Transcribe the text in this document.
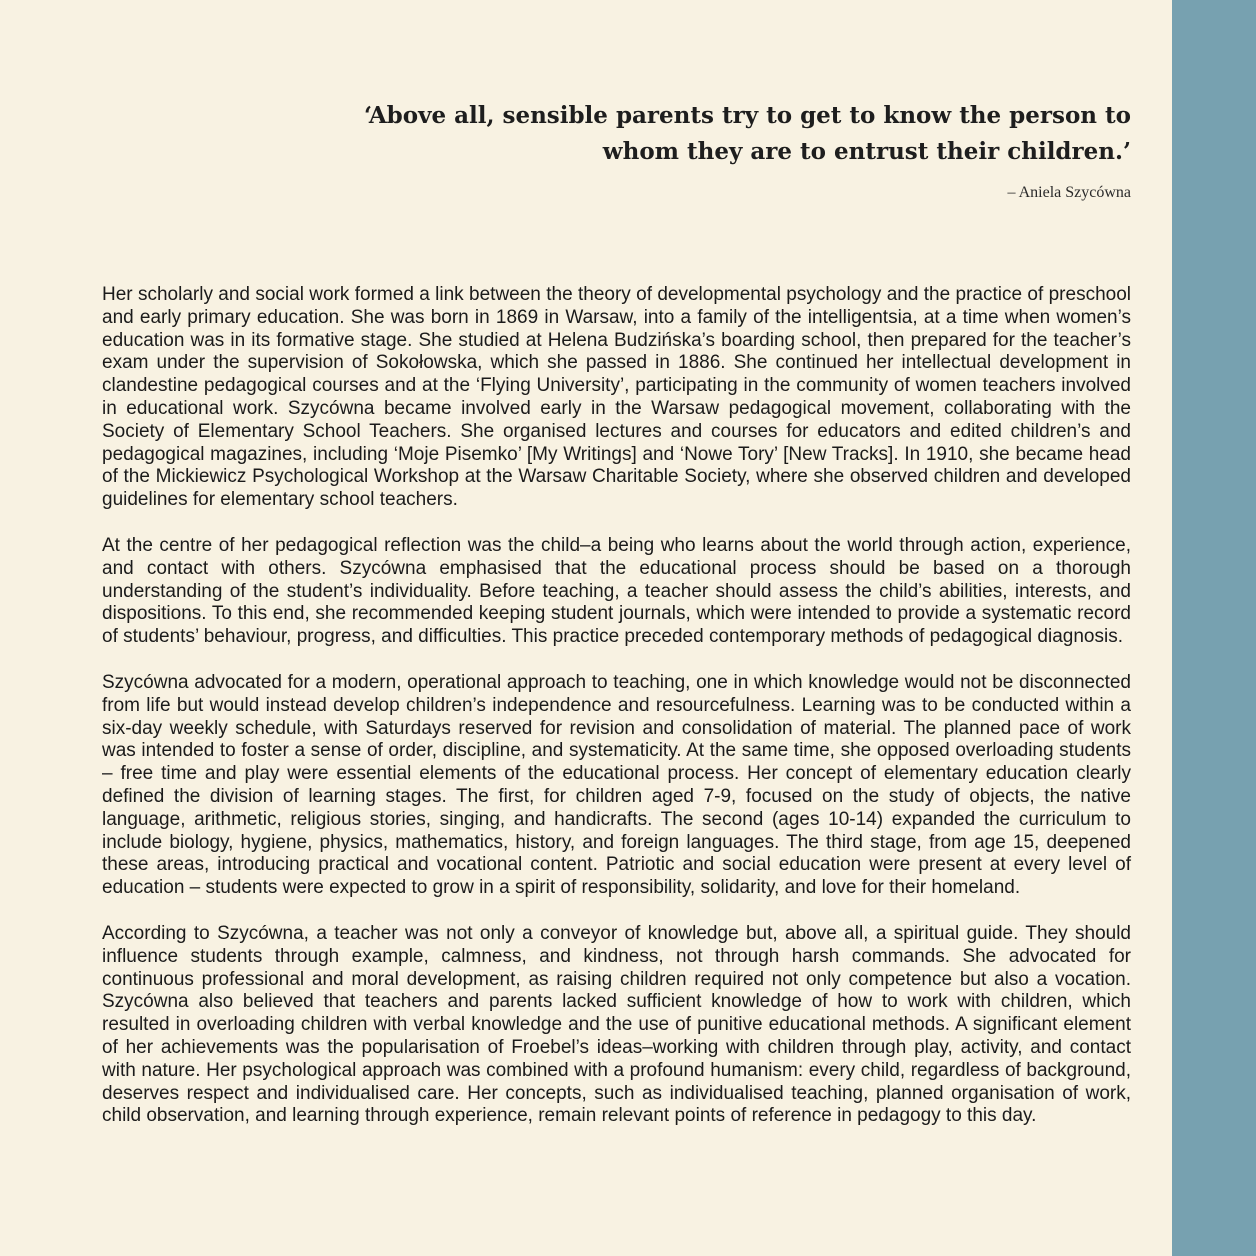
‘Above all, sensible parents try to get to know the person to whom they are to entrust their children.’
– Aniela Szycówna

Her scholarly and social work formed a link between the theory of developmental psychology and the practice of preschool and early primary education. She was born in 1869 in Warsaw, into a family of the intelligentsia, at a time when women’s education was in its formative stage. She studied at Helena Budzińska’s boarding school, then prepared for the teacher’s exam under the supervision of Sokołowska, which she passed in 1886. She continued her intellectual development in clandestine pedagogical courses and at the ‘Flying University’, participating in the community of women teachers involved in educational work. Szycówna became involved early in the Warsaw pedagogical movement, collaborating with the Society of Elementary School Teachers. She organised lectures and courses for educators and edited children’s and pedagogical magazines, including ‘Moje Pisemko’ [My Writings] and ‘Nowe Tory’ [New Tracks]. In 1910, she became head of the Mickiewicz Psychological Workshop at the Warsaw Charitable Society, where she observed children and developed guidelines for elementary school teachers.

At the centre of her pedagogical reflection was the child–a being who learns about the world through action, experience, and contact with others. Szycówna emphasised that the educational process should be based on a thorough understanding of the student’s individuality. Before teaching, a teacher should assess the child’s abilities, interests, and dispositions. To this end, she recommended keeping student journals, which were intended to provide a systematic record of students’ behaviour, progress, and difficulties. This practice preceded contemporary methods of pedagogical diagnosis.

Szycówna advocated for a modern, operational approach to teaching, one in which knowledge would not be disconnected from life but would instead develop children’s independence and resourcefulness. Learning was to be conducted within a six-day weekly schedule, with Saturdays reserved for revision and consolidation of material. The planned pace of work was intended to foster a sense of order, discipline, and systematicity. At the same time, she opposed overloading students – free time and play were essential elements of the educational process. Her concept of elementary education clearly defined the division of learning stages. The first, for children aged 7-9, focused on the study of objects, the native language, arithmetic, religious stories, singing, and handicrafts. The second (ages 10-14) expanded the curriculum to include biology, hygiene, physics, mathematics, history, and foreign languages. The third stage, from age 15, deepened these areas, introducing practical and vocational content. Patriotic and social education were present at every level of education – students were expected to grow in a spirit of responsibility, solidarity, and love for their homeland.

According to Szycówna, a teacher was not only a conveyor of knowledge but, above all, a spiritual guide. They should influence students through example, calmness, and kindness, not through harsh commands. She advocated for continuous professional and moral development, as raising children required not only competence but also a vocation. Szycówna also believed that teachers and parents lacked sufficient knowledge of how to work with children, which resulted in overloading children with verbal knowledge and the use of punitive educational methods. A significant element of her achievements was the popularisation of Froebel’s ideas–working with children through play, activity, and contact with nature. Her psychological approach was combined with a profound humanism: every child, regardless of background, deserves respect and individualised care. Her concepts, such as individualised teaching, planned organisation of work, child observation, and learning through experience, remain relevant points of reference in pedagogy to this day.
